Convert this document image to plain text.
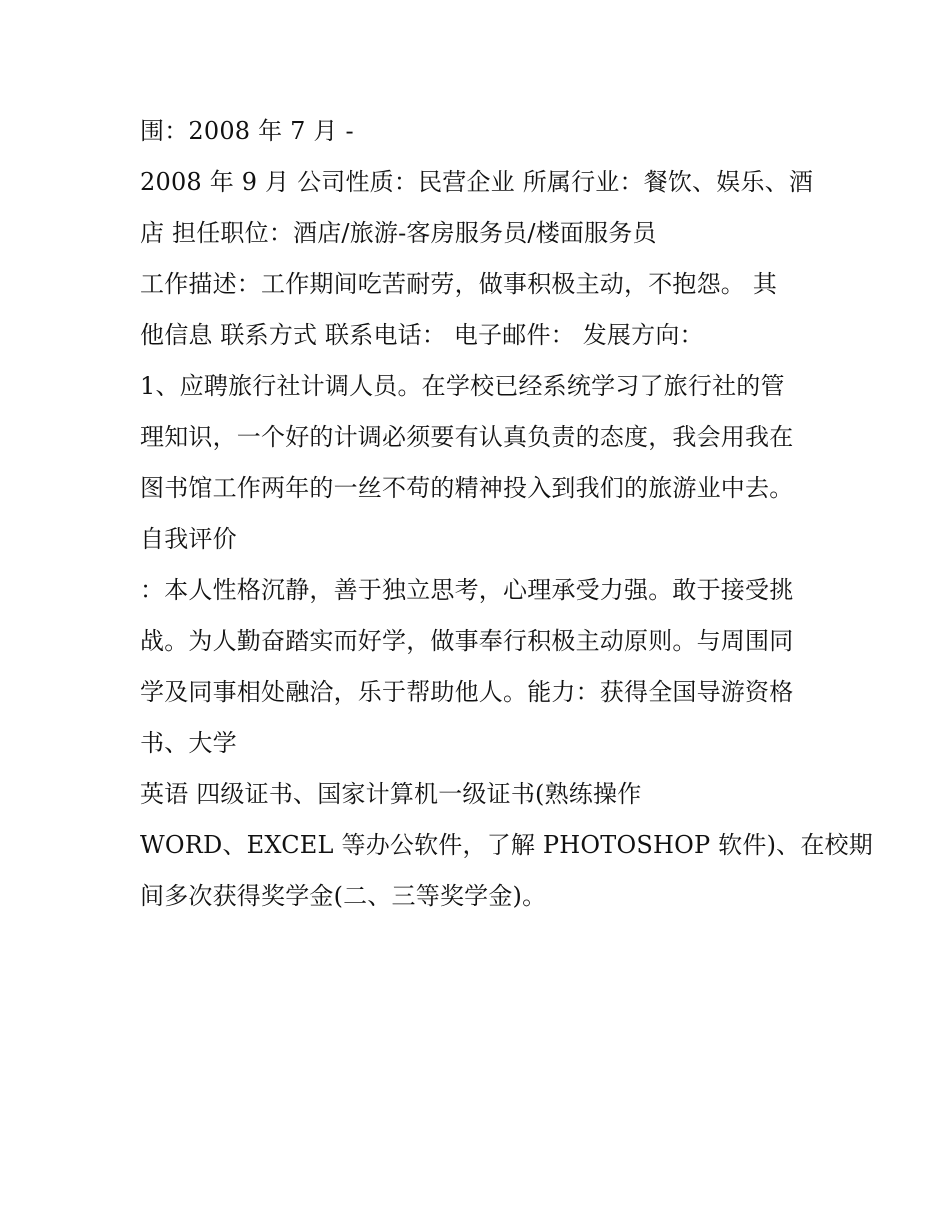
围：2008 年 7 月 -
2008 年 9 月 公司性质：民营企业 所属行业：餐饮、娱乐、酒
店 担任职位：酒店/旅游-客房服务员/楼面服务员
工作描述：工作期间吃苦耐劳，做事积极主动，不抱怨。 其
他信息 联系方式 联系电话： 电子邮件： 发展方向：
1、应聘旅行社计调人员。在学校已经系统学习了旅行社的管
理知识，一个好的计调必须要有认真负责的态度，我会用我在
图书馆工作两年的一丝不苟的精神投入到我们的旅游业中去。
自我评价
：本人性格沉静，善于独立思考，心理承受力强。敢于接受挑
战。为人勤奋踏实而好学，做事奉行积极主动原则。与周围同
学及同事相处融洽，乐于帮助他人。能力：获得全国导游资格
书、大学
英语 四级证书、国家计算机一级证书(熟练操作
WORD、EXCEL 等办公软件，了解 PHOTOSHOP 软件)、在校期
间多次获得奖学金(二、三等奖学金)。
